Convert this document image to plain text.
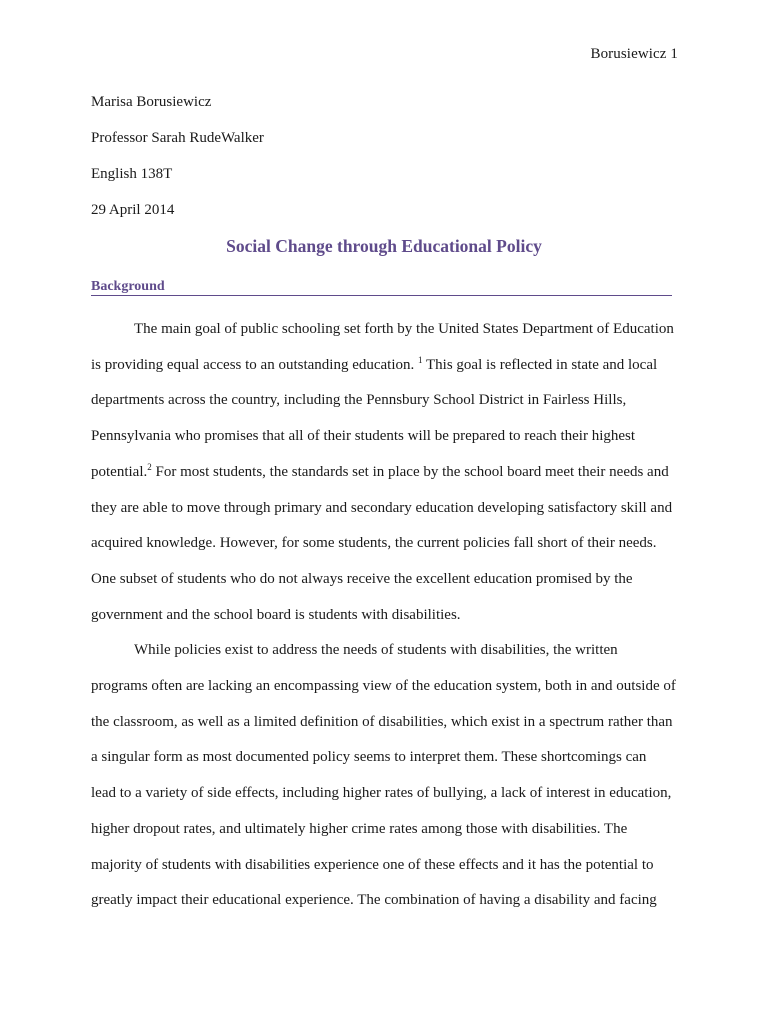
Borusiewicz 1
Marisa Borusiewicz
Professor Sarah RudeWalker
English 138T
29 April 2014
Social Change through Educational Policy
Background
The main goal of public schooling set forth by the United States Department of Education
is providing equal access to an outstanding education. $^1$ This goal is reflected in state and local
departments across the country, including the Pennsbury School District in Fairless Hills,
Pennsylvania who promises that all of their students will be prepared to reach their highest
potential.$^2$ For most students, the standards set in place by the school board meet their needs and
they are able to move through primary and secondary education developing satisfactory skill and
acquired knowledge. However, for some students, the current policies fall short of their needs.
One subset of students who do not always receive the excellent education promised by the
government and the school board is students with disabilities.
While policies exist to address the needs of students with disabilities, the written
programs often are lacking an encompassing view of the education system, both in and outside of
the classroom, as well as a limited definition of disabilities, which exist in a spectrum rather than
a singular form as most documented policy seems to interpret them. These shortcomings can
lead to a variety of side effects, including higher rates of bullying, a lack of interest in education,
higher dropout rates, and ultimately higher crime rates among those with disabilities. The
majority of students with disabilities experience one of these effects and it has the potential to
greatly impact their educational experience. The combination of having a disability and facing
